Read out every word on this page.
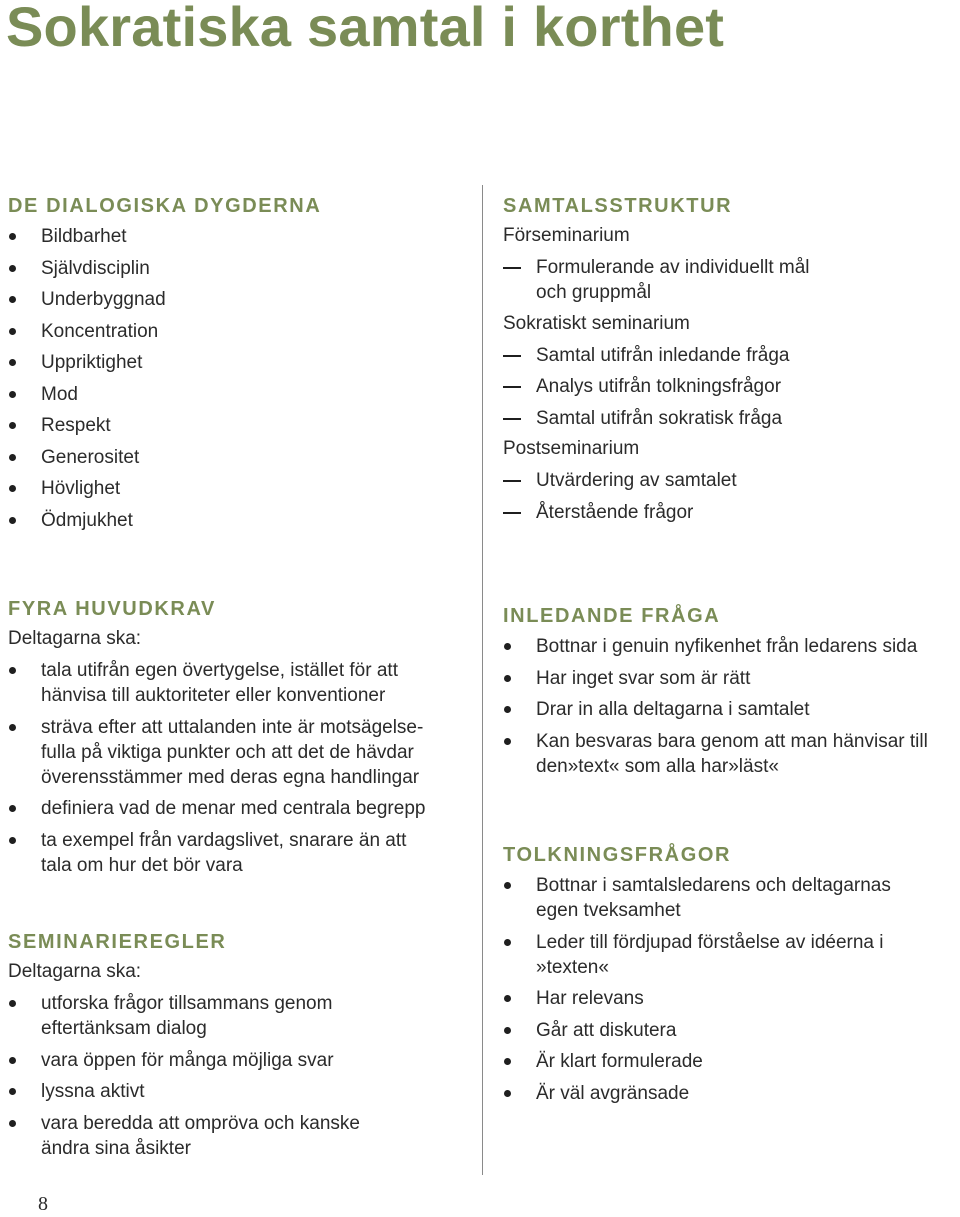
Sokratiska samtal i korthet
DE DIALOGISKA DYGDERNA
Bildbarhet
Självdisciplin
Underbyggnad
Koncentration
Uppriktighet
Mod
Respekt
Generositet
Hövlighet
Ödmjukhet
SAMTALSSTRUKTUR
Förseminarium
Formulerande av individuellt mål och gruppmål
Sokratiskt seminarium
Samtal utifrån inledande fråga
Analys utifrån tolkningsfrågor
Samtal utifrån sokratisk fråga
Postseminarium
Utvärdering av samtalet
Återstående frågor
FYRA HUVUDKRAV
Deltagarna ska:
tala utifrån egen övertygelse, istället för att hänvisa till auktoriteter eller konventioner
sträva efter att uttalanden inte är motsägelsefulla på viktiga punkter och att det de hävdar överensstämmer med deras egna handlingar
definiera vad de menar med centrala begrepp
ta exempel från vardagslivet, snarare än att tala om hur det bör vara
SEMINARIEREGLER
Deltagarna ska:
utforska frågor tillsammans genom eftertänksam dialog
vara öppen för många möjliga svar
lyssna aktivt
vara beredda att ompröva och kanske ändra sina åsikter
INLEDANDE FRÅGA
Bottnar i genuin nyfikenhet från ledarens sida
Har inget svar som är rätt
Drar in alla deltagarna i samtalet
Kan besvaras bara genom att man hänvisar till den»text« som alla har»läst«
TOLKNINGSFRÅGOR
Bottnar i samtalsledarens och deltagarnas egen tveksamhet
Leder till fördjupad förståelse av idéerna i »texten«
Har relevans
Går att diskutera
Är klart formulerade
Är väl avgränsade
8
